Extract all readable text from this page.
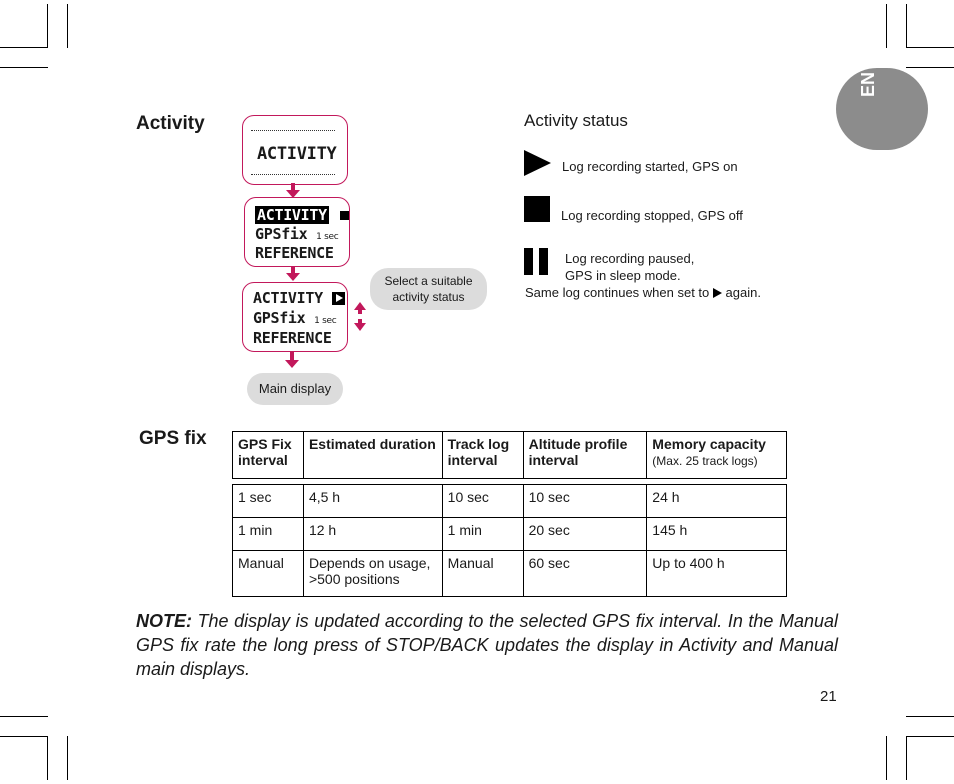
EN
Activity
ACTIVITY
ACTIVITY
GPSfix 1 sec
REFERENCE
ACTIVITY
GPSfix 1 sec
REFERENCE
Select a suitable activity status
Main display
Activity status
Log recording started, GPS on
Log recording stopped, GPS off
Log recording paused,
GPS in sleep mode.
Same log continues when set to again.
GPS fix GPS Fix interval	Estimated duration	Track log interval	Altitude profile interval	Memory capacity
(Max. 25 track logs)

1 sec	4,5 h	10 sec	10 sec	24 h
1 min	12 h	1 min	20 sec	145 h
Manual	Depends on usage, >500 positions	Manual	60 sec	Up to 400 h
NOTE: The display is updated according to the selected GPS fix interval. In the Manual GPS fix rate the long press of STOP/BACK updates the display in Activity and Manual main displays.
21
